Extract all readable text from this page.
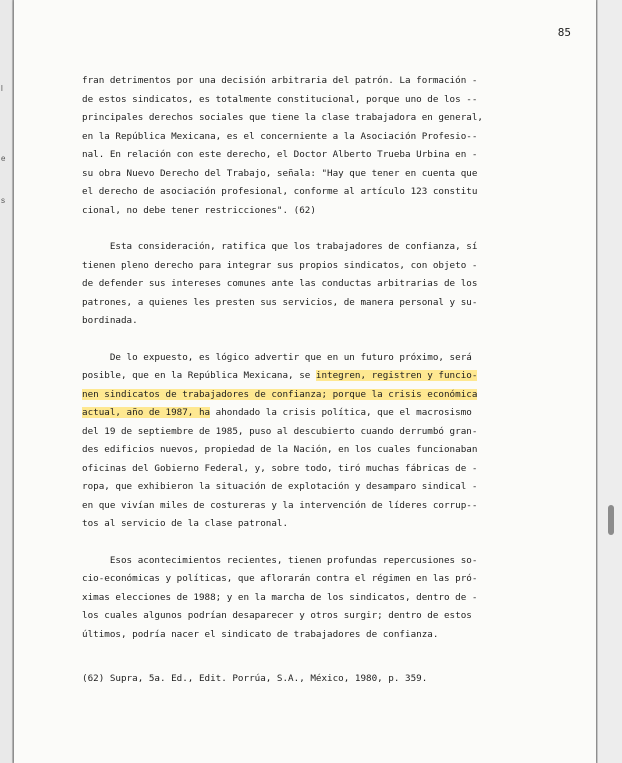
l
e
s
85
fran detrimentos por una decisión arbitraria del patrón. La formación -
de estos sindicatos, es totalmente constitucional, porque uno de los --
principales derechos sociales que tiene la clase trabajadora en general,
en la República Mexicana, es el concerniente a la Asociación Profesio--
nal. En relación con este derecho, el Doctor Alberto Trueba Urbina en -
su obra Nuevo Derecho del Trabajo, señala: "Hay que tener en cuenta que
el derecho de asociación profesional, conforme al artículo 123 constitu
cional, no debe tener restricciones". (62)
Esta consideración, ratifica que los trabajadores de confianza, sí
tienen pleno derecho para integrar sus propios sindicatos, con objeto -
de defender sus intereses comunes ante las conductas arbitrarias de los
patrones, a quienes les presten sus servicios, de manera personal y su-
bordinada.
De lo expuesto, es lógico advertir que en un futuro próximo, será
posible, que en la República Mexicana, se integren, registren y funcio-
nen sindicatos de trabajadores de confianza; porque la crisis económica
actual, año de 1987, ha ahondado la crisis política, que el macrosismo
del 19 de septiembre de 1985, puso al descubierto cuando derrumbó gran-
des edificios nuevos, propiedad de la Nación, en los cuales funcionaban
oficinas del Gobierno Federal, y, sobre todo, tiró muchas fábricas de -
ropa, que exhibieron la situación de explotación y desamparo sindical -
en que vivían miles de costureras y la intervención de líderes corrup--
tos al servicio de la clase patronal.
Esos acontecimientos recientes, tienen profundas repercusiones so-
cio-económicas y políticas, que aflorarán contra el régimen en las pró-
ximas elecciones de 1988; y en la marcha de los sindicatos, dentro de -
los cuales algunos podrían desaparecer y otros surgir; dentro de estos
últimos, podría nacer el sindicato de trabajadores de confianza.
(62) Supra, 5a. Ed., Edit. Porrúa, S.A., México, 1980, p. 359.
